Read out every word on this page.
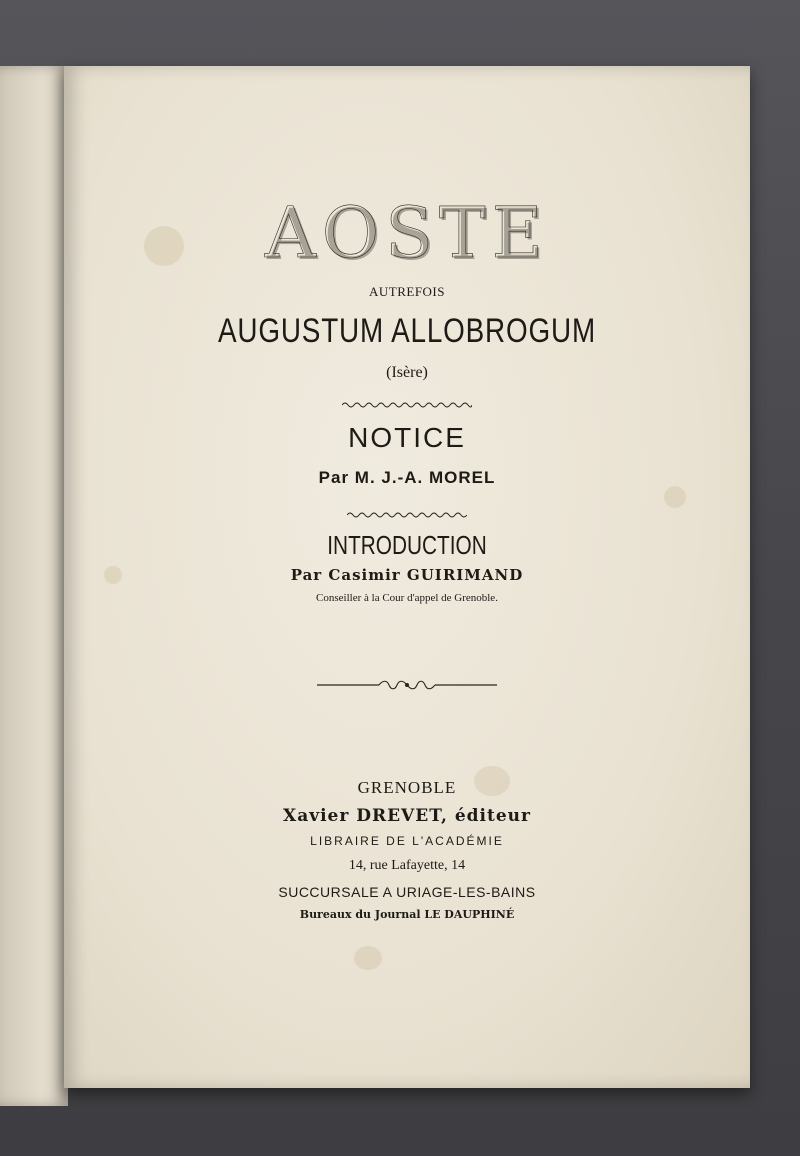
AOSTE

AUTREFOIS

AUGUSTUM ALLOBROGUM

(Isère)

NOTICE

Par M. J.-A. MOREL

INTRODUCTION

Par Casimir GUIRIMAND

Conseiller à la Cour d'appel de Grenoble.

GRENOBLE

Xavier DREVET, éditeur

LIBRAIRE DE L'ACADÉMIE

14, rue Lafayette, 14

SUCCURSALE A URIAGE-LES-BAINS

Bureaux du Journal LE DAUPHINÉ
